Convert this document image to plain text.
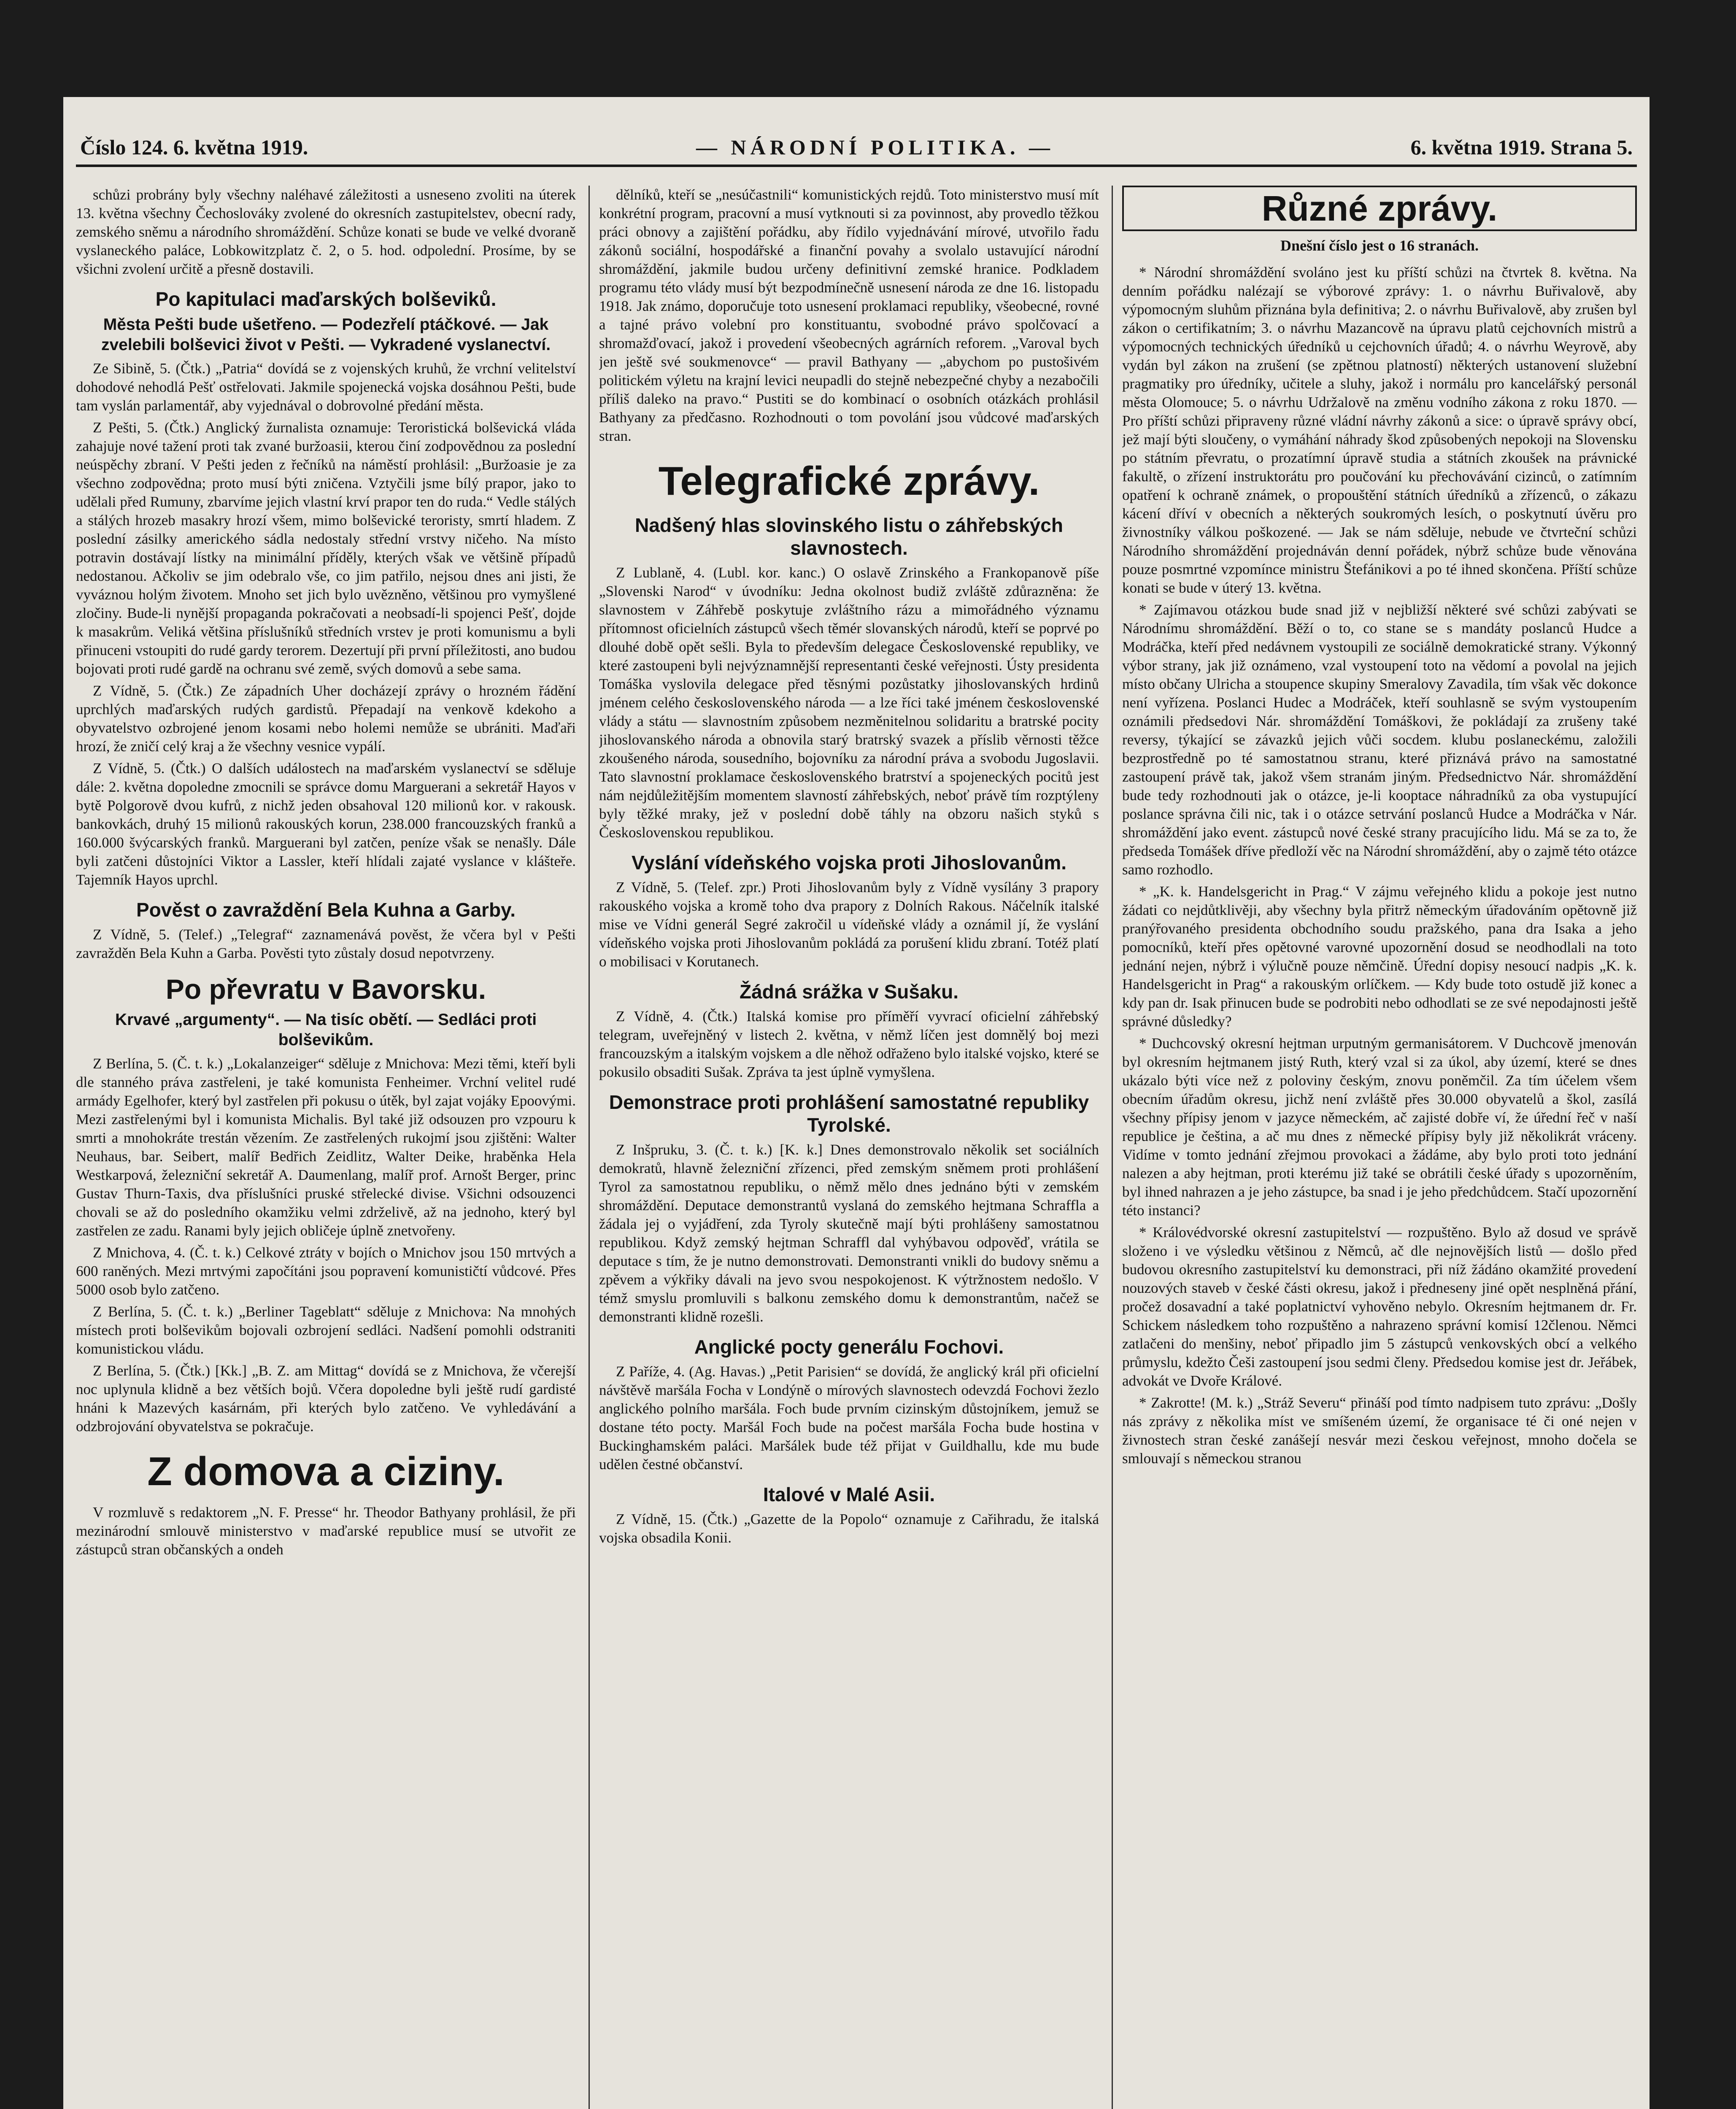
Číslo 124. 6. května 1919.	— NÁRODNÍ POLITIKA. —	6. května 1919. Strana 5.

schůzi probrány byly všechny naléhavé záležitosti a usneseno zvoliti na úterek 13. května všechny Čechoslováky zvolené do okresních zastupitelstev, obecní rady, zemského sněmu a národního shromáždění. Schůze konati se bude ve velké dvoraně vyslaneckého paláce, Lobkowitzplatz č. 2, o 5. hod. odpolední. Prosíme, by se všichni zvolení určitě a přesně dostavili.

Po kapitulaci maďarských bolševiků.
Města Pešti bude ušetřeno. — Podezřelí ptáčkové. — Jak zvelebili bolševici život v Pešti. — Vykradené vyslanectví.

Ze Sibině, 5. (Čtk.) „Patria“ dovídá se z vojenských kruhů, že vrchní velitelství dohodové nehodlá Pešť ostřelovati. Jakmile spojenecká vojska dosáhnou Pešti, bude tam vyslán parlamentář, aby vyjednával o dobrovolné předání města.

Z Pešti, 5. (Čtk.) Anglický žurnalista oznamuje: Teroristická bolševická vláda zahajuje nové tažení proti tak zvané buržoasii, kterou činí zodpovědnou za poslední neúspěchy zbraní. V Pešti jeden z řečníků na náměstí prohlásil: „Buržoasie je za všechno zodpovědna; proto musí býti zničena. Vztyčili jsme bílý prapor, jako to udělali před Rumuny, zbarvíme jejich vlastní krví prapor ten do ruda.“ Vedle stálých a stálých hrozeb masakry hrozí všem, mimo bolševické teroristy, smrtí hladem. Z poslední zásilky amerického sádla nedostaly střední vrstvy ničeho. Na místo potravin dostávají lístky na minimální příděly, kterých však ve většině případů nedostanou. Ačkoliv se jim odebralo vše, co jim patřilo, nejsou dnes ani jisti, že vyváznou holým životem. Mnoho set jich bylo uvězněno, většinou pro vymyšlené zločiny. Bude-li nynější propaganda pokračovati a neobsadí-li spojenci Pešť, dojde k masakrům. Veliká většina příslušníků středních vrstev je proti komunismu a byli přinuceni vstoupiti do rudé gardy terorem. Dezertují při první příležitosti, ano budou bojovati proti rudé gardě na ochranu své země, svých domovů a sebe sama.

Z Vídně, 5. (Čtk.) Ze západních Uher docházejí zprávy o hrozném řádění uprchlých maďarských rudých gardistů. Přepadají na venkově kdekoho a obyvatelstvo ozbrojené jenom kosami nebo holemi nemůže se ubrániti. Maďaři hrozí, že zničí celý kraj a že všechny vesnice vypálí.

Z Vídně, 5. (Čtk.) O dalších událostech na maďarském vyslanectví se sděluje dále: 2. května dopoledne zmocnili se správce domu Marguerani a sekretář Hayos v bytě Polgorově dvou kufrů, z nichž jeden obsahoval 120 milionů kor. v rakousk. bankovkách, druhý 15 milionů rakouských korun, 238.000 francouzských franků a 160.000 švýcarských franků. Marguerani byl zatčen, peníze však se nenašly. Dále byli zatčeni důstojníci Viktor a Lassler, kteří hlídali zajaté vyslance v klášteře. Tajemník Hayos uprchl.

Pověst o zavraždění Bela Kuhna a Garby.

Z Vídně, 5. (Telef.) „Telegraf“ zaznamenává pověst, že včera byl v Pešti zavražděn Bela Kuhn a Garba. Pověsti tyto zůstaly dosud nepotvrzeny.

Po převratu v Bavorsku.
Krvavé „argumenty“. — Na tisíc obětí. — Sedláci proti bolševikům.

Z Berlína, 5. (Č. t. k.) „Lokalanzeiger“ sděluje z Mnichova: Mezi těmi, kteří byli dle stanného práva zastřeleni, je také komunista Fenheimer. Vrchní velitel rudé armády Egelhofer, který byl zastřelen při pokusu o útěk, byl zajat vojáky Epoovými. Mezi zastřelenými byl i komunista Michalis. Byl také již odsouzen pro vzpouru k smrti a mnohokráte trestán vězením. Ze zastřelených rukojmí jsou zjištěni: Walter Neuhaus, bar. Seibert, malíř Bedřich Zeidlitz, Walter Deike, hraběnka Hela Westkarpová, železniční sekretář A. Daumenlang, malíř prof. Arnošt Berger, princ Gustav Thurn-Taxis, dva příslušníci pruské střelecké divise. Všichni odsouzenci chovali se až do posledního okamžiku velmi zdrželivě, až na jednoho, který byl zastřelen ze zadu. Ranami byly jejich obličeje úplně znetvořeny.

Z Mnichova, 4. (Č. t. k.) Celkové ztráty v bojích o Mnichov jsou 150 mrtvých a 600 raněných. Mezi mrtvými započítáni jsou popravení komunističtí vůdcové. Přes 5000 osob bylo zatčeno.

Z Berlína, 5. (Č. t. k.) „Berliner Tageblatt“ sděluje z Mnichova: Na mnohých místech proti bolševikům bojovali ozbrojení sedláci. Nadšení pomohli odstraniti komunistickou vládu.

Z Berlína, 5. (Čtk.) [Kk.] „B. Z. am Mittag“ dovídá se z Mnichova, že včerejší noc uplynula klidně a bez větších bojů. Včera dopoledne byli ještě rudí gardisté hnáni k Mazevých kasárnám, při kterých bylo zatčeno. Ve vyhledávání a odzbrojování obyvatelstva se pokračuje.

Z domova a ciziny.

V rozmluvě s redaktorem „N. F. Presse“ hr. Theodor Bathyany prohlásil, že při mezinárodní smlouvě ministerstvo v maďarské republice musí se utvořit ze zástupců stran občanských a ondeh

dělníků, kteří se „nesúčastnili“ komunistických rejdů. Toto ministerstvo musí mít konkrétní program, pracovní a musí vytknouti si za povinnost, aby provedlo těžkou práci obnovy a zajištění pořádku, aby řídilo vyjednávání mírové, utvořilo řadu zákonů sociální, hospodářské a finanční povahy a svolalo ustavující národní shromáždění, jakmile budou určeny definitivní zemské hranice. Podkladem programu této vlády musí být bezpodmínečně usnesení národa ze dne 16. listopadu 1918. Jak známo, doporučuje toto usnesení proklamaci republiky, všeobecné, rovné a tajné právo volební pro konstituantu, svobodné právo spolčovací a shromažďovací, jakož i provedení všeobecných agrárních reforem. „Varoval bych jen ještě své soukmenovce“ — pravil Bathyany — „abychom po pustošivém politickém výletu na krajní levici neupadli do stejně nebezpečné chyby a nezabočili příliš daleko na pravo.“ Pustiti se do kombinací o osobních otázkách prohlásil Bathyany za předčasno. Rozhodnouti o tom povolání jsou vůdcové maďarských stran.

Telegrafické zprávy.
Nadšený hlas slovinského listu o záhřebských slavnostech.

Z Lublaně, 4. (Lubl. kor. kanc.) O oslavě Zrinského a Frankopanově píše „Slovenski Narod“ v úvodníku: Jedna okolnost budiž zvláště zdůrazněna: že slavnostem v Záhřebě poskytuje zvláštního rázu a mimořádného významu přítomnost oficielních zástupců všech těmér slovanských národů, kteří se poprvé po dlouhé době opět sešli. Byla to především delegace Československé republiky, ve které zastoupeni byli nejvýznamnější representanti české veřejnosti. Ústy presidenta Tomáška vyslovila delegace před těsnými pozůstatky jihoslovanských hrdinů jménem celého československého národa — a lze říci také jménem československé vlády a státu — slavnostním způsobem nezměnitelnou solidaritu a bratrské pocity jihoslovanského národa a obnovila starý bratrský svazek a příslib věrnosti těžce zkoušeného národa, sousedního, bojovníku za národní práva a svobodu Jugoslavii. Tato slavnostní proklamace československého bratrství a spojeneckých pocitů jest nám nejdůležitějším momentem slavností záhřebských, neboť právě tím rozptýleny byly těžké mraky, jež v poslední době táhly na obzoru našich styků s Československou republikou.

Vyslání vídeňského vojska proti Jihoslovanům.

Z Vídně, 5. (Telef. zpr.) Proti Jihoslovanům byly z Vídně vysílány 3 prapory rakouského vojska a kromě toho dva prapory z Dolních Rakous. Náčelník italské mise ve Vídni generál Segré zakročil u vídeňské vlády a oznámil jí, že vyslání vídeňského vojska proti Jihoslovanům pokládá za porušení klidu zbraní. Totéž platí o mobilisaci v Korutanech.

Žádná srážka v Sušaku.

Z Vídně, 4. (Čtk.) Italská komise pro příměří vyvrací oficielní záhřebský telegram, uveřejněný v listech 2. května, v němž líčen jest domnělý boj mezi francouzským a italským vojskem a dle něhož odřaženo bylo italské vojsko, které se pokusilo obsaditi Sušak. Zpráva ta jest úplně vymyšlena.

Demonstrace proti prohlášení samostatné republiky Tyrolské.

Z Inšpruku, 3. (Č. t. k.) [K. k.] Dnes demonstrovalo několik set sociálních demokratů, hlavně železniční zřízenci, před zemským sněmem proti prohlášení Tyrol za samostatnou republiku, o němž mělo dnes jednáno býti v zemském shromáždění. Deputace demonstrantů vyslaná do zemského hejtmana Schraffla a žádala jej o vyjádření, zda Tyroly skutečně mají býti prohlášeny samostatnou republikou. Když zemský hejtman Schraffl dal vyhýbavou odpověď, vrátila se deputace s tím, že je nutno demonstrovati. Demonstranti vnikli do budovy sněmu a zpěvem a výkřiky dávali na jevo svou nespokojenost. K výtržnostem nedošlo. V témž smyslu promluvili s balkonu zemského domu k demonstrantům, načež se demonstranti klidně rozešli.

Anglické pocty generálu Fochovi.

Z Paříže, 4. (Ag. Havas.) „Petit Parisien“ se dovídá, že anglický král při oficielní návštěvě maršála Focha v Londýně o mírových slavnostech odevzdá Fochovi žezlo anglického polního maršála. Foch bude prvním cizinským důstojníkem, jemuž se dostane této pocty. Maršál Foch bude na počest maršála Focha bude hostina v Buckinghamském paláci. Maršálek bude též přijat v Guildhallu, kde mu bude udělen čestné občanství.

Italové v Malé Asii.

Z Vídně, 15. (Čtk.) „Gazette de la Popolo“ oznamuje z Cařihradu, že italská vojska obsadila Konii.

Různé zprávy.
Dnešní číslo jest o 16 stranách.

* Národní shromáždění svoláno jest ku příští schůzi na čtvrtek 8. května. Na denním pořádku nalézají se výborové zprávy: 1. o návrhu Buřivalově, aby výpomocným sluhům přiznána byla definitiva; 2. o návrhu Buřivalově, aby zrušen byl zákon o certifikatním; 3. o návrhu Mazancově na úpravu platů cejchovních mistrů a výpomocných technických úředníků u cejchovních úřadů; 4. o návrhu Weyrově, aby vydán byl zákon na zrušení (se zpětnou platností) některých ustanovení služební pragmatiky pro úředníky, učitele a sluhy, jakož i normálu pro kancelářský personál města Olomouce; 5. o návrhu Udržalově na změnu vodního zákona z roku 1870. — Pro příští schůzi připraveny různé vládní návrhy zákonů a sice: o úpravě správy obcí, jež mají býti sloučeny, o vymáhání náhrady škod způsobených nepokoji na Slovensku po státním převratu, o prozatímní úpravě studia a státních zkoušek na právnické fakultě, o zřízení instruktorátu pro poučování ku přechovávání cizinců, o zatímním opatření k ochraně známek, o propouštění státních úředníků a zřízenců, o zákazu kácení dříví v obecních a některých soukromých lesích, o poskytnutí úvěru pro živnostníky válkou poškozené. — Jak se nám sděluje, nebude ve čtvrteční schůzi Národního shromáždění projednáván denní pořádek, nýbrž schůze bude věnována pouze posmrtné vzpomínce ministru Štefánikovi a po té ihned skončena. Příští schůze konati se bude v úterý 13. května.

* Zajímavou otázkou bude snad již v nejbližší některé své schůzi zabývati se Národnímu shromáždění. Běží o to, co stane se s mandáty poslanců Hudce a Modráčka, kteří před nedávnem vystoupili ze sociálně demokratické strany. Výkonný výbor strany, jak již oznámeno, vzal vystoupení toto na vědomí a povolal na jejich místo občany Ulricha a stoupence skupiny Smeralovy Zavadila, tím však věc dokonce není vyřízena. Poslanci Hudec a Modráček, kteří souhlasně se svým vystoupením oznámili předsedovi Nár. shromáždění Tomáškovi, že pokládají za zrušeny také reversy, týkající se závazků jejich vůči socdem. klubu poslaneckému, založili bezprostředně po té samostatnou stranu, které přiznává právo na samostatné zastoupení právě tak, jakož všem stranám jiným. Předsednictvo Nár. shromáždění bude tedy rozhodnouti jak o otázce, je-li kooptace náhradníků za oba vystupující poslance správna čili nic, tak i o otázce setrvání poslanců Hudce a Modráčka v Nár. shromáždění jako event. zástupců nové české strany pracujícího lidu. Má se za to, že předseda Tomášek dříve předloží věc na Národní shromáždění, aby o zajmě této otázce samo rozhodlo.

* „K. k. Handelsgericht in Prag.“ V zájmu veřejného klidu a pokoje jest nutno žádati co nejdůtklivěji, aby všechny byla přitrž německým úřadováním opětovně již pranýřovaného presidenta obchodního soudu pražského, pana dra Isaka a jeho pomocníků, kteří přes opětovné varovné upozornění dosud se neodhodlali na toto jednání nejen, nýbrž i výlučně pouze němčině. Úřední dopisy nesoucí nadpis „K. k. Handelsgericht in Prag“ a rakouským orlíčkem. — Kdy bude toto ostudě již konec a kdy pan dr. Isak přinucen bude se podrobiti nebo odhodlati se ze své nepodajnosti ještě správné důsledky?

* Duchcovský okresní hejtman urputným germanisátorem. V Duchcově jmenován byl okresním hejtmanem jistý Ruth, který vzal si za úkol, aby území, které se dnes ukázalo býti více než z poloviny českým, znovu poněmčil. Za tím účelem všem obecním úřadům okresu, jichž není zvláště přes 30.000 obyvatelů a škol, zasílá všechny přípisy jenom v jazyce německém, ač zajisté dobře ví, že úřední řeč v naší republice je čeština, a ač mu dnes z německé přípisy byly již několikrát vráceny. Vidíme v tomto jednání zřejmou provokaci a žádáme, aby bylo proti toto jednání nalezen a aby hejtman, proti kterému již také se obrátili české úřady s upozorněním, byl ihned nahrazen a je jeho zástupce, ba snad i je jeho předchůdcem. Stačí upozornění této instanci?

* Královédvorské okresní zastupitelství — rozpuštěno. Bylo až dosud ve správě složeno i ve výsledku většinou z Němců, ač dle nejnovějších listů — došlo před budovou okresního zastupitelství ku demonstraci, při níž žádáno okamžité provedení nouzových staveb v české části okresu, jakož i předneseny jiné opět nesplněná přání, pročež dosavadní a také poplatnictví vyhověno nebylo. Okresním hejtmanem dr. Fr. Schickem následkem toho rozpuštěno a nahrazeno správní komisí 12členou. Němci zatlačeni do menšiny, neboť připadlo jim 5 zástupců venkovských obcí a velkého průmyslu, kdežto Češi zastoupení jsou sedmi členy. Předsedou komise jest dr. Jeřábek, advokát ve Dvoře Králové.

* Zakrotte! (M. k.) „Stráž Severu“ přináší pod tímto nadpisem tuto zprávu: „Došly nás zprávy z několika míst ve smíšeném území, že organisace té či oné nejen v živnostech stran české zanášejí nesvár mezi českou veřejnost, mnoho dočela se smlouvají s německou stranou
